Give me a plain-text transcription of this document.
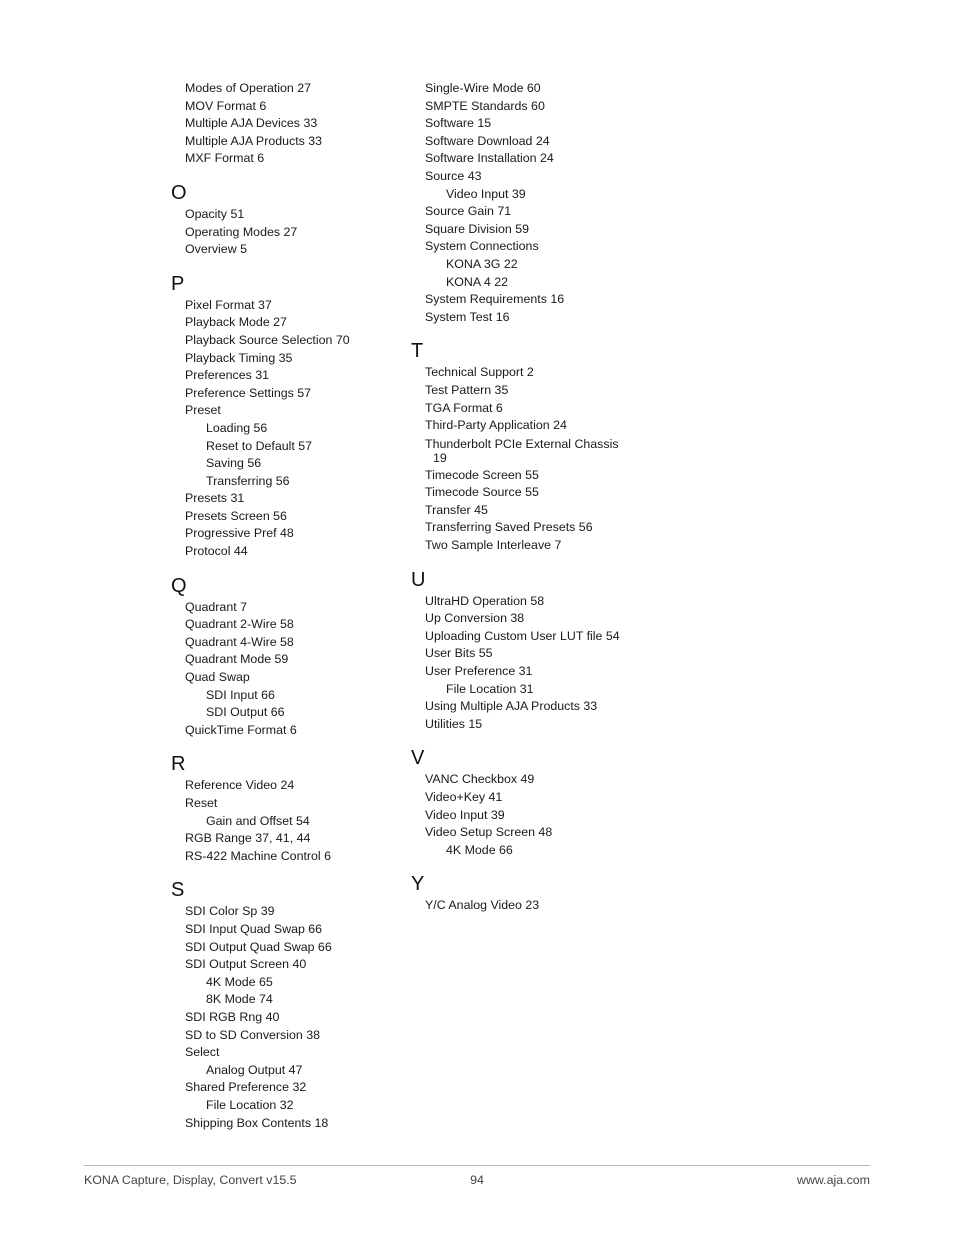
Modes of Operation 27
MOV Format 6
Multiple AJA Devices 33
Multiple AJA Products 33
MXF Format 6
O
Opacity 51
Operating Modes 27
Overview 5
P
Pixel Format 37
Playback Mode 27
Playback Source Selection 70
Playback Timing 35
Preferences 31
Preference Settings 57
Preset
Loading 56
Reset to Default 57
Saving 56
Transferring 56
Presets 31
Presets Screen 56
Progressive Pref 48
Protocol 44
Q
Quadrant 7
Quadrant 2-Wire 58
Quadrant 4-Wire 58
Quadrant Mode 59
Quad Swap
SDI Input 66
SDI Output 66
QuickTime Format 6
R
Reference Video 24
Reset
Gain and Offset 54
RGB Range 37, 41, 44
RS-422 Machine Control 6
S
SDI Color Sp 39
SDI Input Quad Swap 66
SDI Output Quad Swap 66
SDI Output Screen 40
4K Mode 65
8K Mode 74
SDI RGB Rng 40
SD to SD Conversion 38
Select
Analog Output 47
Shared Preference 32
File Location 32
Shipping Box Contents 18
Single-Wire Mode 60
SMPTE Standards 60
Software 15
Software Download 24
Software Installation 24
Source 43
Video Input 39
Source Gain 71
Square Division 59
System Connections
KONA 3G 22
KONA 4 22
System Requirements 16
System Test 16
T
Technical Support 2
Test Pattern 35
TGA Format 6
Third-Party Application 24
Thunderbolt PCIe External Chassis
19
Timecode Screen 55
Timecode Source 55
Transfer 45
Transferring Saved Presets 56
Two Sample Interleave 7
U
UltraHD Operation 58
Up Conversion 38
Uploading Custom User LUT file 54
User Bits 55
User Preference 31
File Location 31
Using Multiple AJA Products 33
Utilities 15
V
VANC Checkbox 49
Video+Key 41
Video Input 39
Video Setup Screen 48
4K Mode 66
Y
Y/C Analog Video 23
KONA Capture, Display, Convert v15.5	94	www.aja.com
